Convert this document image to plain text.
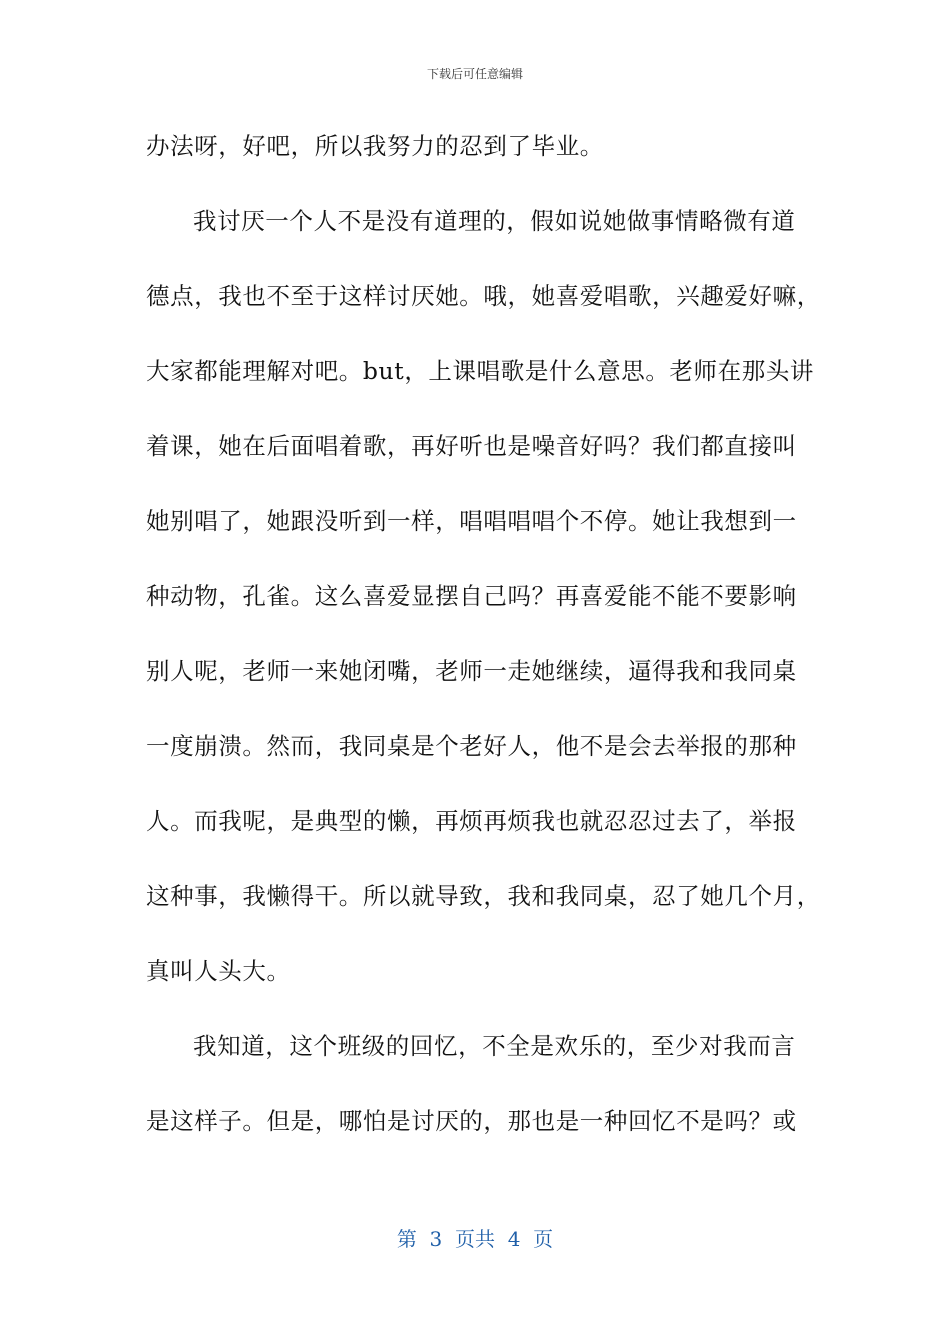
下载后可任意编辑
办法呀，好吧，所以我努力的忍到了毕业。
我讨厌一个人不是没有道理的，假如说她做事情略微有道
德点，我也不至于这样讨厌她。哦，她喜爱唱歌，兴趣爱好嘛，
大家都能理解对吧。but，上课唱歌是什么意思。老师在那头讲
着课，她在后面唱着歌，再好听也是噪音好吗？我们都直接叫
她别唱了，她跟没听到一样，唱唱唱唱个不停。她让我想到一
种动物，孔雀。这么喜爱显摆自己吗？再喜爱能不能不要影响
别人呢，老师一来她闭嘴，老师一走她继续，逼得我和我同桌
一度崩溃。然而，我同桌是个老好人，他不是会去举报的那种
人。而我呢，是典型的懒，再烦再烦我也就忍忍过去了，举报
这种事，我懒得干。所以就导致，我和我同桌，忍了她几个月，
真叫人头大。
我知道，这个班级的回忆，不全是欢乐的，至少对我而言
是这样子。但是，哪怕是讨厌的，那也是一种回忆不是吗？或
第  3  页共  4  页
